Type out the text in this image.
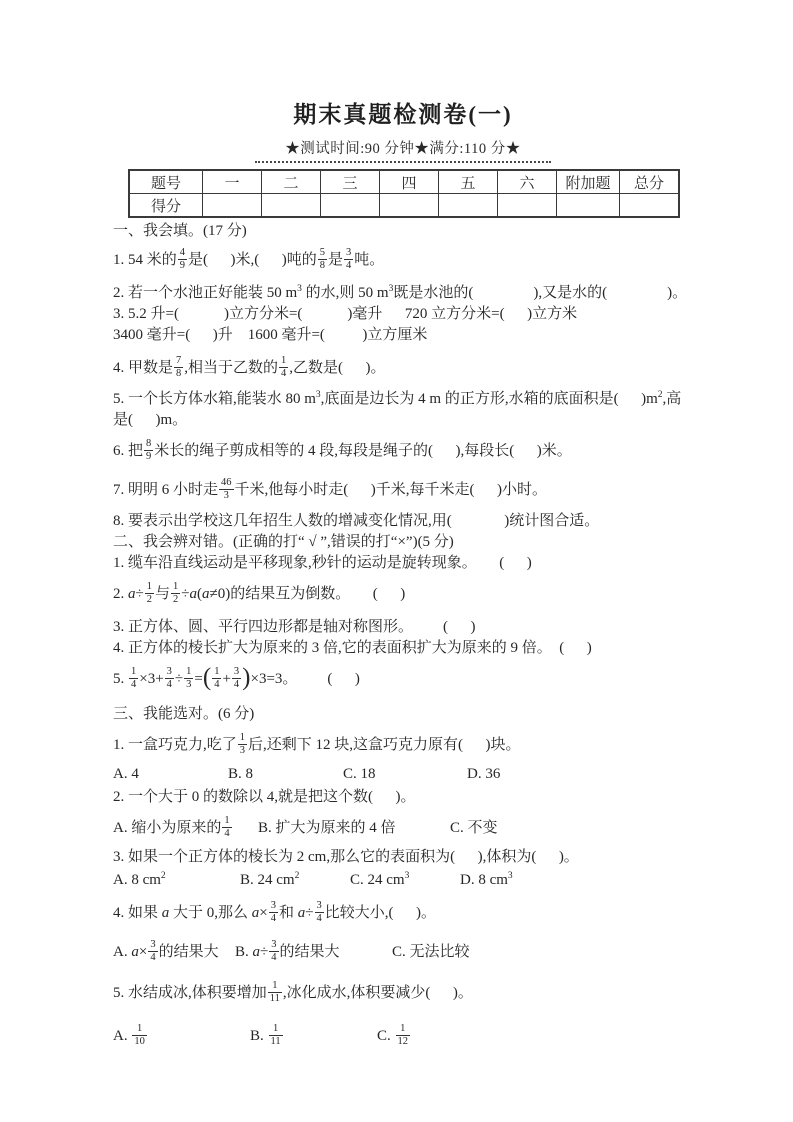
期末真题检测卷(一)
★测试时间:90 分钟★满分:110 分★
题号	一	二	三	四	五	六	附加题	总分
得分								
一、我会填。(17 分)
1. 54 米的 $\frac{4}{9}$ 是(      )米,(      )吨的 $\frac{5}{8}$ 是 $\frac{3}{4}$ 吨。
2. 若一个水池正好能装 50 $m^3$ 的水,则 50 $m^3$既是水池的(                ),又是水的(                )。
3. 5.2 升=(            )立方分米=(            )毫升      720 立方分米=(      )立方米
3400 毫升=(      )升    1600 毫升=(          )立方厘米
4. 甲数是 $\frac{7}{8}$ ,相当于乙数的 $\frac{1}{4}$ ,乙数是(      )。
5. 一个长方体水箱,能装水 80 $m^3$,底面是边长为 4 m 的正方形,水箱的底面积是(      )$m^2$,高
是(      )m。
6. 把 $\frac{8}{9}$ 米长的绳子剪成相等的 4 段,每段是绳子的(      ),每段长(      )米。
7. 明明 6 小时走 $\frac{46}{3}$ 千米,他每小时走(      )千米,每千米走(      )小时。
8. 要表示出学校这几年招生人数的增减变化情况,用(              )统计图合适。
二、我会辨对错。(正确的打“ √ ”,错误的打“×”)(5 分)
1. 缆车沿直线运动是平移现象,秒针的运动是旋转现象。      (      )
2. $a\div \frac{1}{2}$ 与 $\frac{1}{2} \div a(a\ne 0)$的结果互为倒数。      (      )
3. 正方体、圆、平行四边形都是轴对称图形。        (      )
4. 正方体的棱长扩大为原来的 3 倍,它的表面积扩大为原来的 9 倍。  (      )
5. $\frac{1}{4} \times 3+ \frac{3}{4} \div \frac{1}{3}$ =( $\frac{1}{4} + \frac{3}{4} )\times 3=3$。        (      )
三、我能选对。(6 分)
1. 一盒巧克力,吃了 $\frac{1}{3}$ 后,还剩下 12 块,这盒巧克力原有(      )块。
A. 4	B. 8	C. 18	D. 36
2. 一个大于 0 的数除以 4,就是把这个数(      )。
A. 缩小为原来的 $\frac{1}{4} B$. 扩大为原来的 4 倍	C. 不变
3. 如果一个正方体的棱长为 2 cm,那么它的表面积为(      ),体积为(      )。
A. 8 $cm^2$	B. 24 $cm^2$	C. 24 $cm^3$	D. 8 $cm^3$
4. 如果 a 大于 0,那么 $a\times \frac{3}{4}$ 和 $a\div \frac{3}{4}$ 比较大小,(      )。
A. $a\times \frac{3}{4}$ 的结果大 B. $a\div \frac{3}{4}$ 的结果大	C. 无法比较
5. 水结成冰,体积要增加 $\frac{1}{11}$ ,冰化成水,体积要减少(      )。
A. $\frac{1}{10}$	B. $\frac{1}{11}$	C. $\frac{1}{12}$
